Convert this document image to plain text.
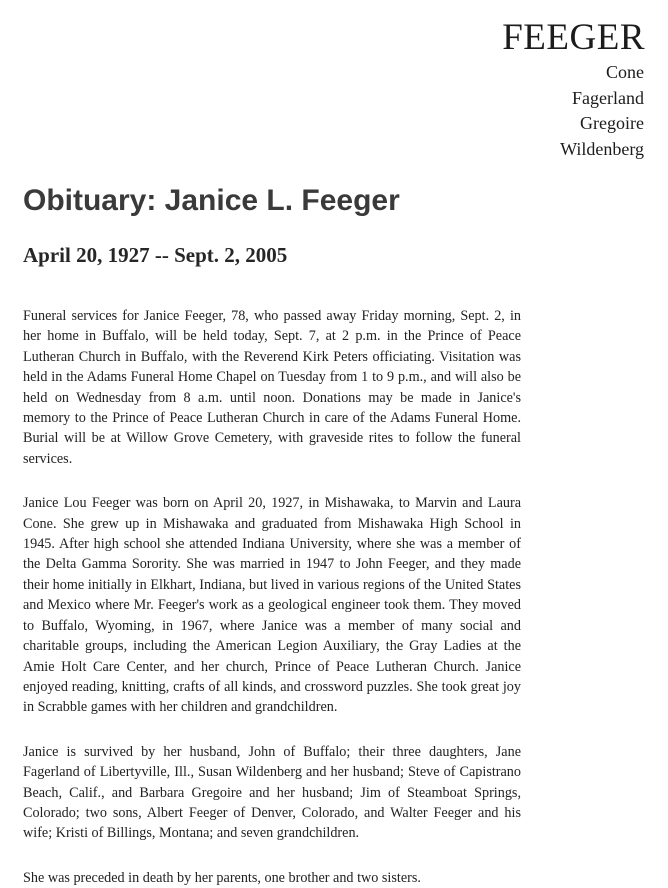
FEEGER
Cone
Fagerland
Gregoire
Wildenberg
Obituary: Janice L. Feeger
April 20, 1927 -- Sept. 2, 2005

Funeral services for Janice Feeger, 78, who passed away Friday morning, Sept. 2, in her home in Buffalo, will be held today, Sept. 7, at 2 p.m. in the Prince of Peace Lutheran Church in Buffalo, with the Reverend Kirk Peters officiating. Visitation was held in the Adams Funeral Home Chapel on Tuesday from 1 to 9 p.m., and will also be held on Wednesday from 8 a.m. until noon. Donations may be made in Janice's memory to the Prince of Peace Lutheran Church in care of the Adams Funeral Home. Burial will be at Willow Grove Cemetery, with graveside rites to follow the funeral services.

Janice Lou Feeger was born on April 20, 1927, in Mishawaka, to Marvin and Laura Cone. She grew up in Mishawaka and graduated from Mishawaka High School in 1945. After high school she attended Indiana University, where she was a member of the Delta Gamma Sorority. She was married in 1947 to John Feeger, and they made their home initially in Elkhart, Indiana, but lived in various regions of the United States and Mexico where Mr. Feeger's work as a geological engineer took them. They moved to Buffalo, Wyoming, in 1967, where Janice was a member of many social and charitable groups, including the American Legion Auxiliary, the Gray Ladies at the Amie Holt Care Center, and her church, Prince of Peace Lutheran Church. Janice enjoyed reading, knitting, crafts of all kinds, and crossword puzzles. She took great joy in Scrabble games with her children and grandchildren.

Janice is survived by her husband, John of Buffalo; their three daughters, Jane Fagerland of Libertyville, Ill., Susan Wildenberg and her husband; Steve of Capistrano Beach, Calif., and Barbara Gregoire and her husband; Jim of Steamboat Springs, Colorado; two sons, Albert Feeger of Denver, Colorado, and Walter Feeger and his wife; Kristi of Billings, Montana; and seven grandchildren.

She was preceded in death by her parents, one brother and two sisters.
